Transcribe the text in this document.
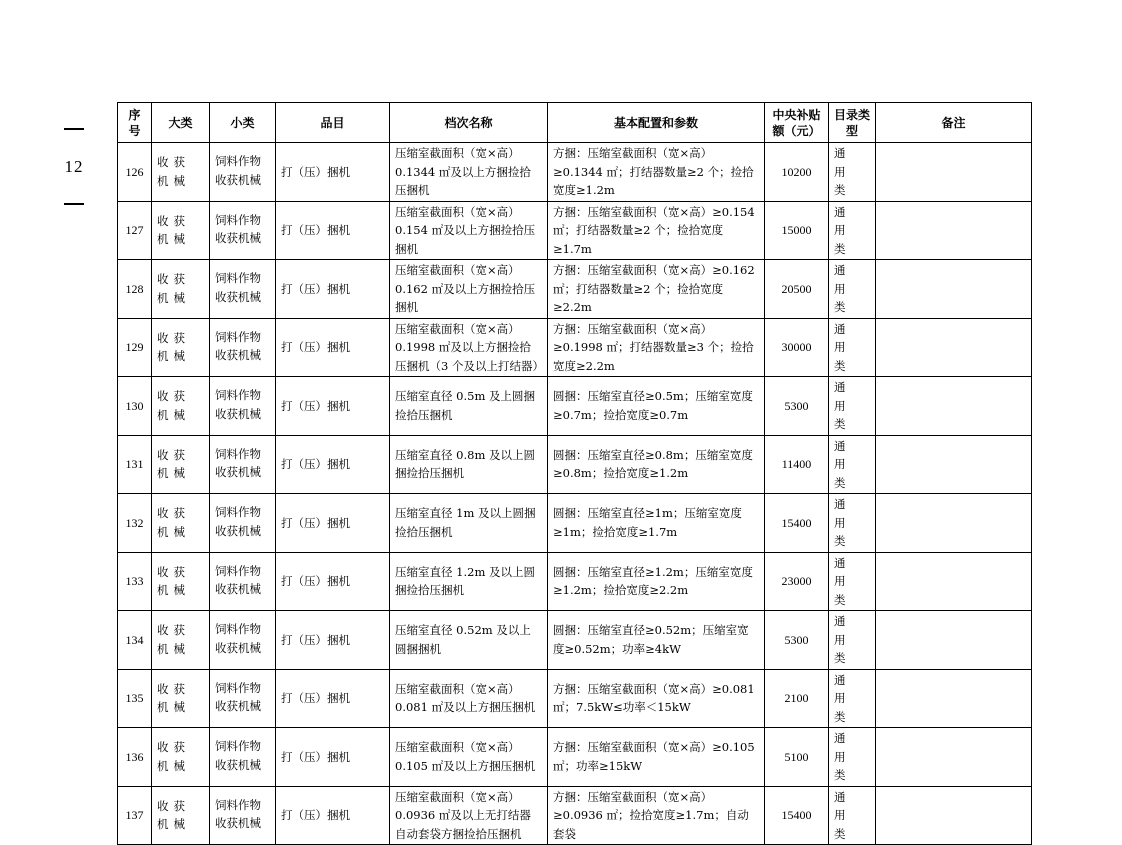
12
序号	大类	小类	品目	档次名称	基本配置和参数	中央补贴额（元）	目录类型	备注
126	收获机械	饲料作物收获机械	打（压）捆机	压缩室截面积（宽×高）0.1344 ㎡及以上方捆捡拾压捆机	方捆：压缩室截面积（宽×高）≥0.1344 ㎡；打结器数量≥2 个；捡拾宽度≥1.2m	10200	通用类	
127	收获机械	饲料作物收获机械	打（压）捆机	压缩室截面积（宽×高）0.154 ㎡及以上方捆捡拾压捆机	方捆：压缩室截面积（宽×高）≥0.154 ㎡；打结器数量≥2 个；捡拾宽度≥1.7m	15000	通用类	
128	收获机械	饲料作物收获机械	打（压）捆机	压缩室截面积（宽×高）0.162 ㎡及以上方捆捡拾压捆机	方捆：压缩室截面积（宽×高）≥0.162 ㎡；打结器数量≥2 个；捡拾宽度≥2.2m	20500	通用类	
129	收获机械	饲料作物收获机械	打（压）捆机	压缩室截面积（宽×高）0.1998 ㎡及以上方捆捡拾压捆机（3 个及以上打结器）	方捆：压缩室截面积（宽×高）≥0.1998 ㎡；打结器数量≥3 个；捡拾宽度≥2.2m	30000	通用类	
130	收获机械	饲料作物收获机械	打（压）捆机	压缩室直径 0.5m 及上圆捆捡拾压捆机	圆捆：压缩室直径≥0.5m；压缩室宽度≥0.7m；捡拾宽度≥0.7m	5300	通用类	
131	收获机械	饲料作物收获机械	打（压）捆机	压缩室直径 0.8m 及以上圆捆捡拾压捆机	圆捆：压缩室直径≥0.8m；压缩室宽度≥0.8m；捡拾宽度≥1.2m	11400	通用类	
132	收获机械	饲料作物收获机械	打（压）捆机	压缩室直径 1m 及以上圆捆捡拾压捆机	圆捆：压缩室直径≥1m；压缩室宽度≥1m；捡拾宽度≥1.7m	15400	通用类	
133	收获机械	饲料作物收获机械	打（压）捆机	压缩室直径 1.2m 及以上圆捆捡拾压捆机	圆捆：压缩室直径≥1.2m；压缩室宽度≥1.2m；捡拾宽度≥2.2m	23000	通用类	
134	收获机械	饲料作物收获机械	打（压）捆机	压缩室直径 0.52m 及以上圆捆捆机	圆捆：压缩室直径≥0.52m；压缩室宽度≥0.52m；功率≥4kW	5300	通用类	
135	收获机械	饲料作物收获机械	打（压）捆机	压缩室截面积（宽×高）0.081 ㎡及以上方捆压捆机	方捆：压缩室截面积（宽×高）≥0.081 ㎡；7.5kW≤功率＜15kW	2100	通用类	
136	收获机械	饲料作物收获机械	打（压）捆机	压缩室截面积（宽×高）0.105 ㎡及以上方捆压捆机	方捆：压缩室截面积（宽×高）≥0.105 ㎡；功率≥15kW	5100	通用类	
137	收获机械	饲料作物收获机械	打（压）捆机	压缩室截面积（宽×高）0.0936 ㎡及以上无打结器自动套袋方捆捡拾压捆机	方捆：压缩室截面积（宽×高）≥0.0936 ㎡；捡拾宽度≥1.7m；自动套袋	15400	通用类	
